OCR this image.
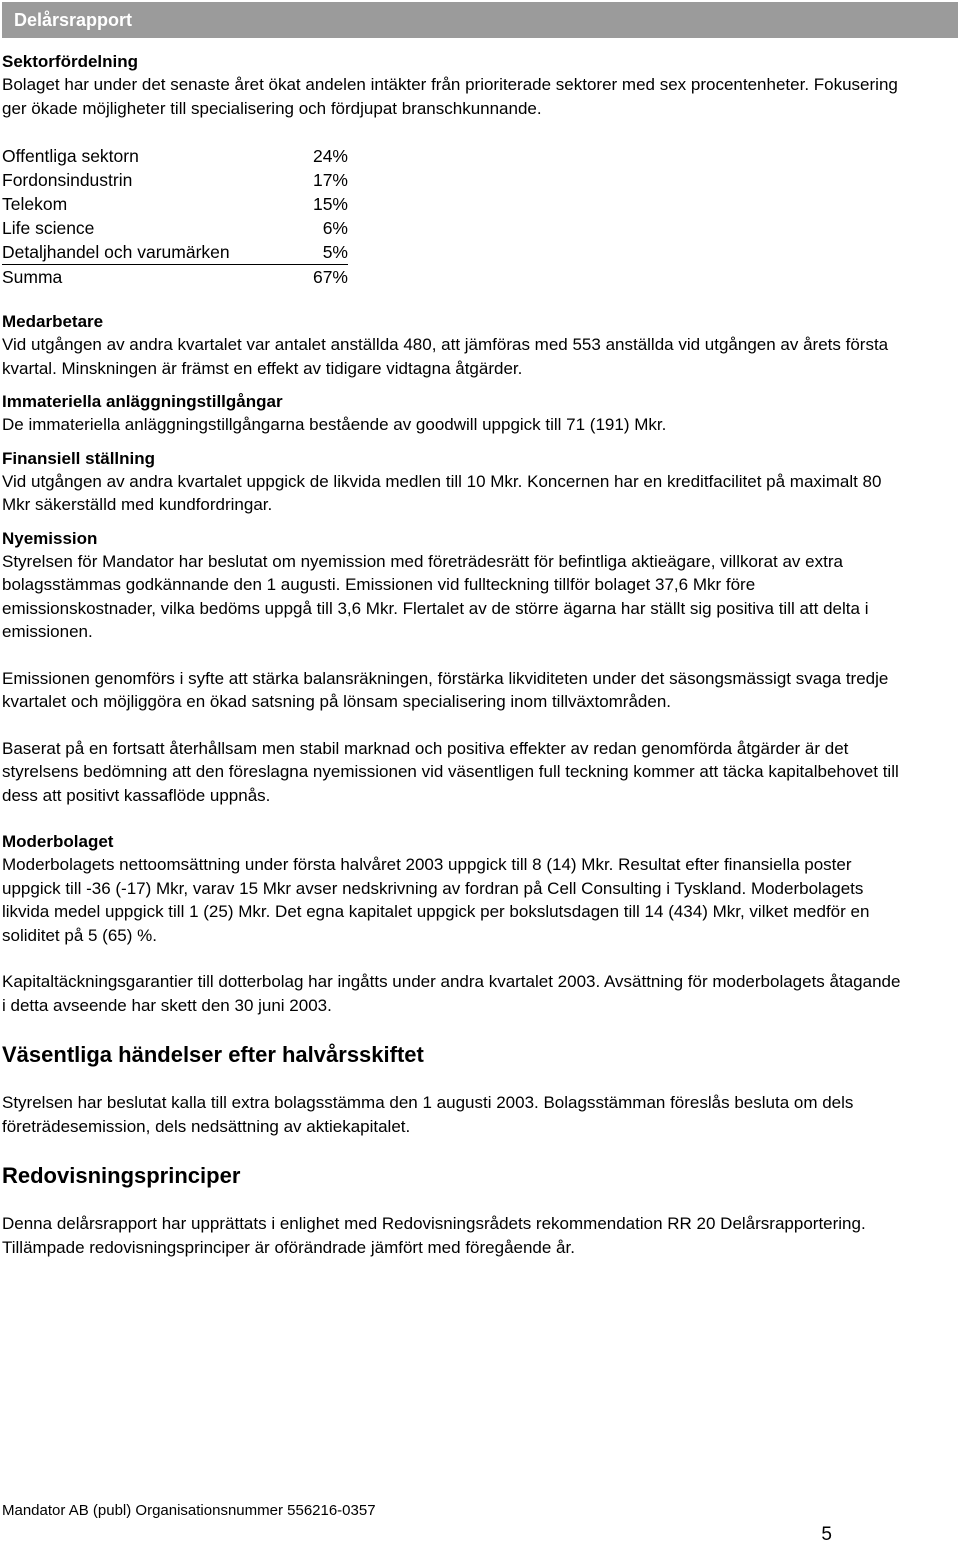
Delårsrapport

Sektorfördelning

Bolaget har under det senaste året ökat andelen intäkter från prioriterade sektorer med sex procentenheter. Fokusering ger ökade möjligheter till specialisering och fördjupat branschkunnande.

Offentliga sektorn	24%
Fordonsindustrin	17%
Telekom	15%
Life science	6%
Detaljhandel och varumärken	5%
Summa	67%

Medarbetare

Vid utgången av andra kvartalet var antalet anställda 480, att jämföras med 553 anställda vid utgången av årets första kvartal. Minskningen är främst en effekt av tidigare vidtagna åtgärder.

Immateriella anläggningstillgångar

De immateriella anläggningstillgångarna bestående av goodwill uppgick till 71 (191) Mkr.

Finansiell ställning

Vid utgången av andra kvartalet uppgick de likvida medlen till 10 Mkr. Koncernen har en kreditfacilitet på maximalt 80 Mkr säkerställd med kundfordringar.

Nyemission

Styrelsen för Mandator har beslutat om nyemission med företrädesrätt för befintliga aktieägare, villkorat av extra bolagsstämmas godkännande den 1 augusti. Emissionen vid fullteckning tillför bolaget 37,6 Mkr före emissionskostnader, vilka bedöms uppgå till 3,6 Mkr. Flertalet av de större ägarna har ställt sig positiva till att delta i emissionen.

Emissionen genomförs i syfte att stärka balansräkningen, förstärka likviditeten under det säsongsmässigt svaga tredje kvartalet och möjliggöra en ökad satsning på lönsam specialisering inom tillväxtområden.

Baserat på en fortsatt återhållsam men stabil marknad och positiva effekter av redan genomförda åtgärder är det styrelsens bedömning att den föreslagna nyemissionen vid väsentligen full teckning kommer att täcka kapitalbehovet till dess att positivt kassaflöde uppnås.

Moderbolaget

Moderbolagets nettoomsättning under första halvåret 2003 uppgick till 8 (14) Mkr. Resultat efter finansiella poster uppgick till -36 (-17) Mkr, varav 15 Mkr avser nedskrivning av fordran på Cell Consulting i Tyskland. Moderbolagets likvida medel uppgick till 1 (25) Mkr. Det egna kapitalet uppgick per bokslutsdagen till 14 (434) Mkr, vilket medför en soliditet på 5 (65) %.

Kapitaltäckningsgarantier till dotterbolag har ingåtts under andra kvartalet 2003. Avsättning för moderbolagets åtagande i detta avseende har skett den 30 juni 2003.

Väsentliga händelser efter halvårsskiftet

Styrelsen har beslutat kalla till extra bolagsstämma den 1 augusti 2003. Bolagsstämman föreslås besluta om dels företrädesemission, dels nedsättning av aktiekapitalet.

Redovisningsprinciper

Denna delårsrapport har upprättats i enlighet med Redovisningsrådets rekommendation RR 20 Delårsrapportering. Tillämpade redovisningsprinciper är oförändrade jämfört med föregående år.

Mandator AB (publ) Organisationsnummer 556216-0357
5
